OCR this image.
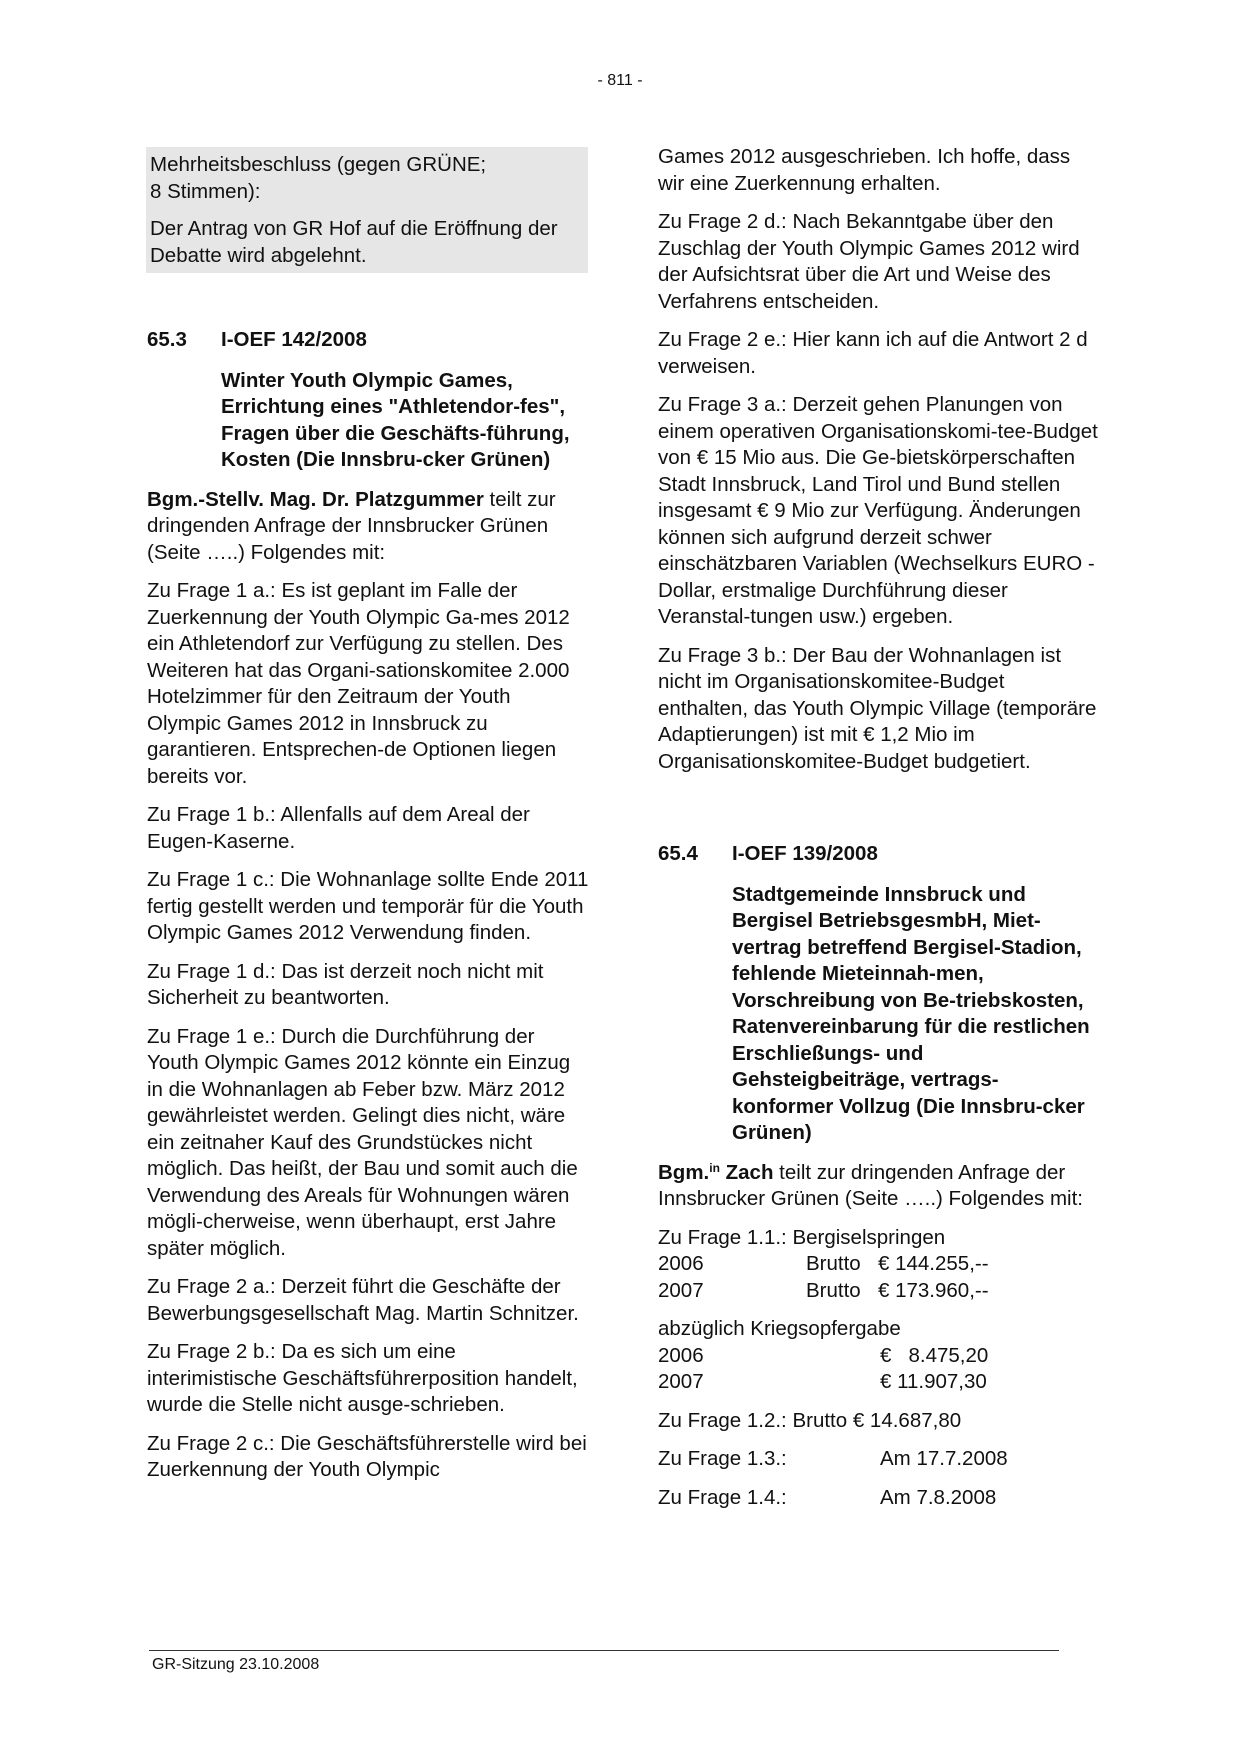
- 811 -

Mehrheitsbeschluss (gegen GRÜNE;
8 Stimmen):

Der Antrag von GR Hof auf die Eröffnung der Debatte wird abgelehnt.

65.3	I-OEF 142/2008
Winter Youth Olympic Games, Errichtung eines "Athletendor-fes", Fragen über die Geschäfts-führung, Kosten (Die Innsbru-cker Grünen)

Bgm.-Stellv. Mag. Dr. Platzgummer teilt zur dringenden Anfrage der Innsbrucker Grünen (Seite …..) Folgendes mit:

Zu Frage 1 a.: Es ist geplant im Falle der Zuerkennung der Youth Olympic Ga-mes 2012 ein Athletendorf zur Verfügung zu stellen. Des Weiteren hat das Organi-sationskomitee 2.000 Hotelzimmer für den Zeitraum der Youth Olympic Games 2012 in Innsbruck zu garantieren. Entsprechen-de Optionen liegen bereits vor.

Zu Frage 1 b.: Allenfalls auf dem Areal der Eugen-Kaserne.

Zu Frage 1 c.: Die Wohnanlage sollte Ende 2011 fertig gestellt werden und temporär für die Youth Olympic Games 2012 Verwendung finden.

Zu Frage 1 d.: Das ist derzeit noch nicht mit Sicherheit zu beantworten.

Zu Frage 1 e.: Durch die Durchführung der Youth Olympic Games 2012 könnte ein Einzug in die Wohnanlagen ab Feber bzw. März 2012 gewährleistet werden. Gelingt dies nicht, wäre ein zeitnaher Kauf des Grundstückes nicht möglich. Das heißt, der Bau und somit auch die Verwendung des Areals für Wohnungen wären mögli-cherweise, wenn überhaupt, erst Jahre später möglich.

Zu Frage 2 a.: Derzeit führt die Geschäfte der Bewerbungsgesellschaft Mag. Martin Schnitzer.

Zu Frage 2 b.: Da es sich um eine interimistische Geschäftsführerposition handelt, wurde die Stelle nicht ausge-schrieben.

Zu Frage 2 c.: Die Geschäftsführerstelle wird bei Zuerkennung der Youth Olympic

Games 2012 ausgeschrieben. Ich hoffe, dass wir eine Zuerkennung erhalten.

Zu Frage 2 d.: Nach Bekanntgabe über den Zuschlag der Youth Olympic Games 2012 wird der Aufsichtsrat über die Art und Weise des Verfahrens entscheiden.

Zu Frage 2 e.: Hier kann ich auf die Antwort 2 d verweisen.

Zu Frage 3 a.: Derzeit gehen Planungen von einem operativen Organisationskomi-tee-Budget von € 15 Mio aus. Die Ge-bietskörperschaften Stadt Innsbruck, Land Tirol und Bund stellen insgesamt € 9 Mio zur Verfügung. Änderungen können sich aufgrund derzeit schwer einschätzbaren Variablen (Wechselkurs EURO - Dollar, erstmalige Durchführung dieser Veranstal-tungen usw.) ergeben.

Zu Frage 3 b.: Der Bau der Wohnanlagen ist nicht im Organisationskomitee-Budget enthalten, das Youth Olympic Village (temporäre Adaptierungen) ist mit € 1,2 Mio im Organisationskomitee-Budget budgetiert.

65.4	I-OEF 139/2008
Stadtgemeinde Innsbruck und Bergisel BetriebsgesmbH, Miet-vertrag betreffend Bergisel-Stadion, fehlende Mieteinnah-men, Vorschreibung von Be-triebskosten, Ratenvereinbarung für die restlichen Erschließungs- und Gehsteigbeiträge, vertrags-konformer Vollzug (Die Innsbru-cker Grünen)

Bgm.$^{in}$ Zach teilt zur dringenden Anfrage der Innsbrucker Grünen (Seite …..) Folgendes mit:

Zu Frage 1.1.: Bergiselspringen
2006	Brutto € 144.255,--
2007	Brutto € 173.960,--
abzüglich Kriegsopfergabe
2006	€   8.475,20
2007	€ 11.907,30

Zu Frage 1.2.: Brutto € 14.687,80

Zu Frage 1.3.:	Am 17.7.2008

Zu Frage 1.4.:	Am 7.8.2008

GR-Sitzung 23.10.2008
